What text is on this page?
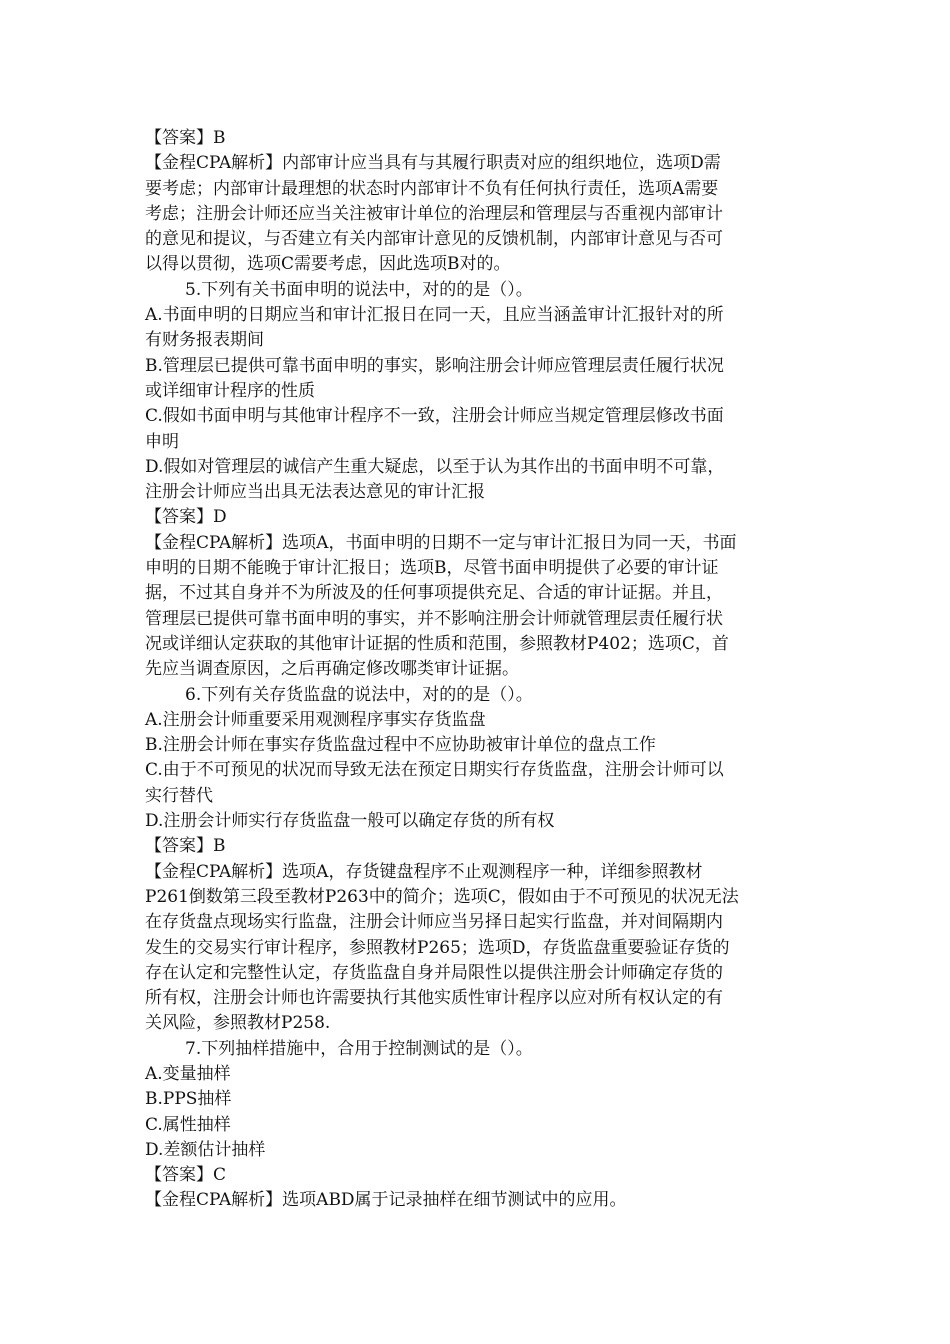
【答案】B
【金程CPA解析】内部审计应当具有与其履行职责对应的组织地位，选项D需
要考虑；内部审计最理想的状态时内部审计不负有任何执行责任，选项A需要
考虑；注册会计师还应当关注被审计单位的治理层和管理层与否重视内部审计
的意见和提议，与否建立有关内部审计意见的反馈机制，内部审计意见与否可
以得以贯彻，选项C需要考虑，因此选项B对的。
5.下列有关书面申明的说法中，对的的是（）。
A.书面申明的日期应当和审计汇报日在同一天，且应当涵盖审计汇报针对的所
有财务报表期间
B.管理层已提供可靠书面申明的事实，影响注册会计师应管理层责任履行状况
或详细审计程序的性质
C.假如书面申明与其他审计程序不一致，注册会计师应当规定管理层修改书面
申明
D.假如对管理层的诚信产生重大疑虑，以至于认为其作出的书面申明不可靠，
注册会计师应当出具无法表达意见的审计汇报
【答案】D
【金程CPA解析】选项A，书面申明的日期不一定与审计汇报日为同一天，书面
申明的日期不能晚于审计汇报日；选项B，尽管书面申明提供了必要的审计证
据，不过其自身并不为所波及的任何事项提供充足、合适的审计证据。并且，
管理层已提供可靠书面申明的事实，并不影响注册会计师就管理层责任履行状
况或详细认定获取的其他审计证据的性质和范围，参照教材P402；选项C，首
先应当调查原因，之后再确定修改哪类审计证据。
6.下列有关存货监盘的说法中，对的的是（）。
A.注册会计师重要采用观测程序事实存货监盘
B.注册会计师在事实存货监盘过程中不应协助被审计单位的盘点工作
C.由于不可预见的状况而导致无法在预定日期实行存货监盘，注册会计师可以
实行替代
D.注册会计师实行存货监盘一般可以确定存货的所有权
【答案】B
【金程CPA解析】选项A，存货键盘程序不止观测程序一种，详细参照教材
P261倒数第三段至教材P263中的简介；选项C，假如由于不可预见的状况无法
在存货盘点现场实行监盘，注册会计师应当另择日起实行监盘，并对间隔期内
发生的交易实行审计程序，参照教材P265；选项D，存货监盘重要验证存货的
存在认定和完整性认定，存货监盘自身并局限性以提供注册会计师确定存货的
所有权，注册会计师也许需要执行其他实质性审计程序以应对所有权认定的有
关风险，参照教材P258.
7.下列抽样措施中，合用于控制测试的是（）。
A.变量抽样
B.PPS抽样
C.属性抽样
D.差额估计抽样
【答案】C
【金程CPA解析】选项ABD属于记录抽样在细节测试中的应用。
